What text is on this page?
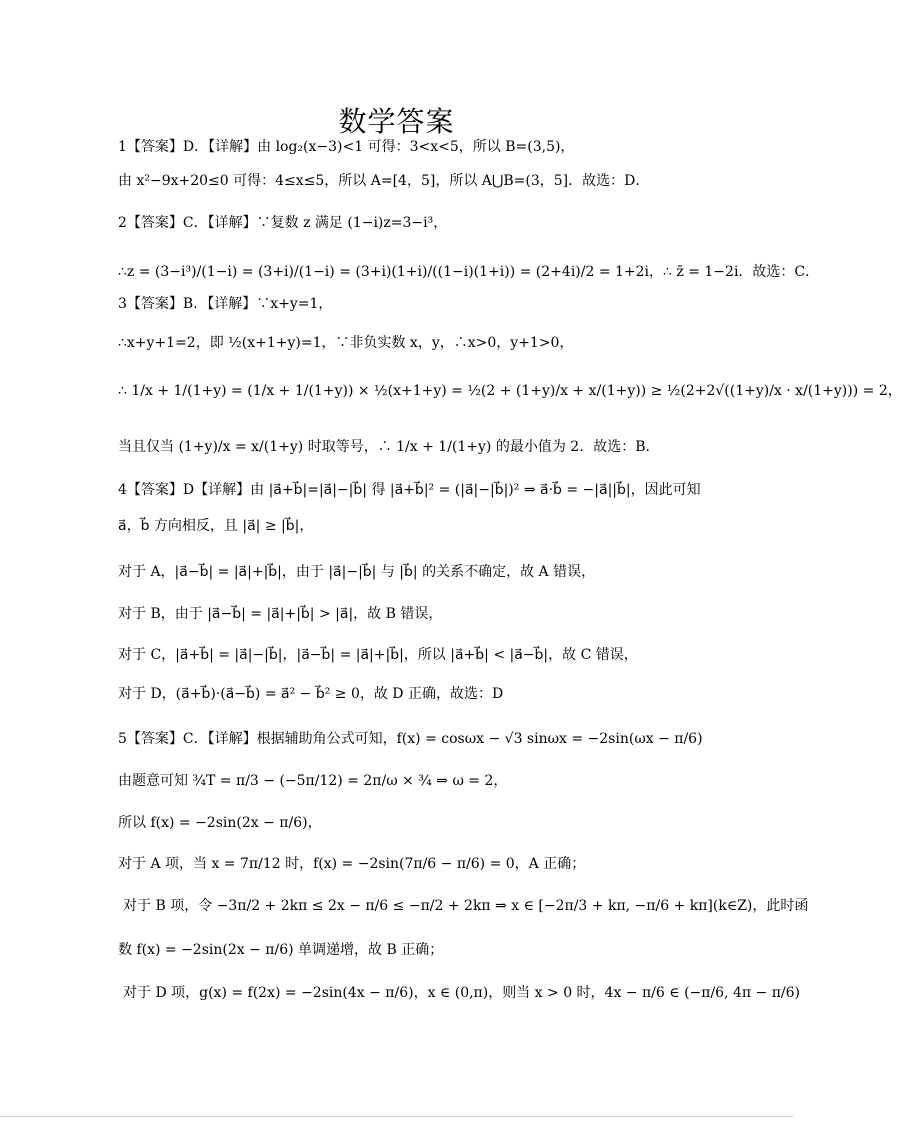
数学答案
1【答案】D．【详解】由 log₂(x−3)<1 可得：3<x<5，所以 B=(3,5)，
由 x²−9x+20≤0 可得：4≤x≤5，所以 A=[4，5]，所以 A⋃B=(3，5]．故选：D．
2【答案】C．【详解】∵复数 z 满足 (1−i)z=3−i³，
∴z = (3−i³)/(1−i) = (3+i)/(1−i) = (3+i)(1+i)/((1−i)(1+i)) = (2+4i)/2 = 1+2i，∴ z̄ = 1−2i．故选：C．
3【答案】B．【详解】∵x+y=1，
∴x+y+1=2，即 ½(x+1+y)=1，∵非负实数 x，y，∴x>0，y+1>0，
∴ 1/x + 1/(1+y) = (1/x + 1/(1+y)) × ½(x+1+y) = ½(2 + (1+y)/x + x/(1+y)) ≥ ½(2+2√((1+y)/x · x/(1+y))) = 2，
当且仅当 (1+y)/x = x/(1+y) 时取等号，∴ 1/x + 1/(1+y) 的最小值为 2．故选：B．
4【答案】D【详解】由 |a⃗+b⃗|=|a⃗|−|b⃗| 得 |a⃗+b⃗|² = (|a⃗|−|b⃗|)² ⇒ a⃗·b⃗ = −|a⃗||b⃗|，因此可知
a⃗，b⃗ 方向相反，且 |a⃗| ≥ |b⃗|，
对于 A，|a⃗−b⃗| = |a⃗|+|b⃗|，由于 |a⃗|−|b⃗| 与 |b⃗| 的关系不确定，故 A 错误，
对于 B，由于 |a⃗−b⃗| = |a⃗|+|b⃗| > |a⃗|，故 B 错误，
对于 C，|a⃗+b⃗| = |a⃗|−|b⃗|，|a⃗−b⃗| = |a⃗|+|b⃗|，所以 |a⃗+b⃗| < |a⃗−b⃗|，故 C 错误，
对于 D，(a⃗+b⃗)·(a⃗−b⃗) = a⃗² − b⃗² ≥ 0，故 D 正确，故选：D
5【答案】C．【详解】根据辅助角公式可知，f(x) = cosωx − √3 sinωx = −2sin(ωx − π/6)
由题意可知 ¾T = π/3 − (−5π/12) = 2π/ω × ¾ ⇒ ω = 2，
所以 f(x) = −2sin(2x − π/6)，
对于 A 项，当 x = 7π/12 时，f(x) = −2sin(7π/6 − π/6) = 0，A 正确；
对于 B 项，令 −3π/2 + 2kπ ≤ 2x − π/6 ≤ −π/2 + 2kπ ⇒ x ∈ [−2π/3 + kπ, −π/6 + kπ](k∈Z)，此时函
数 f(x) = −2sin(2x − π/6) 单调递增，故 B 正确；
对于 D 项，g(x) = f(2x) = −2sin(4x − π/6)，x ∈ (0,π)，则当 x > 0 时，4x − π/6 ∈ (−π/6, 4π − π/6)
